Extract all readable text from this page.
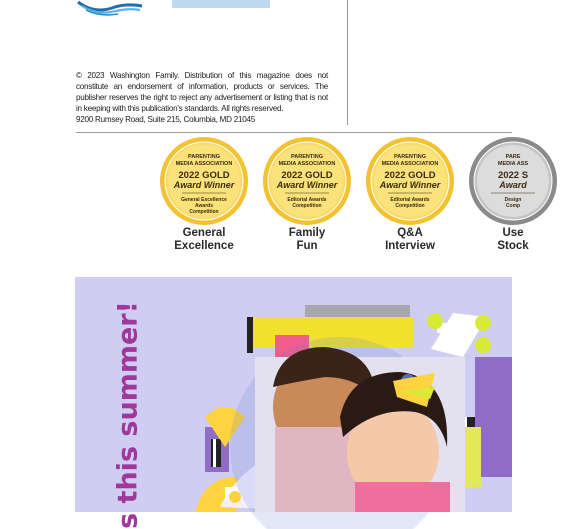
© 2023 Washington Family. Distribution of this magazine does not constitute an endorsement of information, products or services. The publisher reserves the right to reject any advertisement or listing that is not in keeping with this publication's standards. All rights reserved.
9200 Rumsey Road, Suite 215, Columbia, MD 21045

PARENTING
MEDIA ASSOCIATION
2022 GOLD
Award Winner
General Excellence
Awards
Competition
General
Excellence
PARENTING
MEDIA ASSOCIATION
2022 GOLD
Award Winner
Editorial Awards
Competition
Family
Fun
PARENTING
MEDIA ASSOCIATION
2022 GOLD
Award Winner
Editorial Awards
Competition
Q&A
Interview
PARE
MEDIA ASS
2022 S
Award
Design
Comp
Use
Stock
s this summer!
